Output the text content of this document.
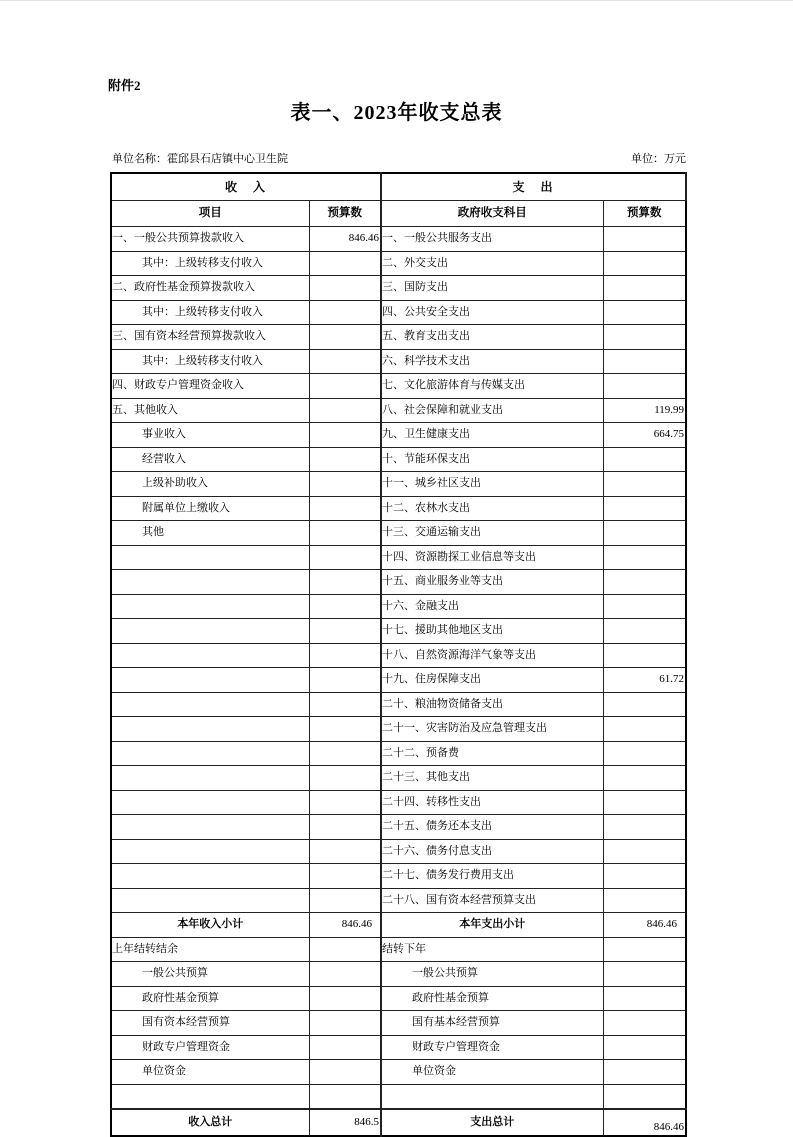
附件2
表一、2023年收支总表
单位名称：霍邱县石店镇中心卫生院	单位：万元
收　入		支　出	
项目	预算数	政府收支科目	预算数
一、一般公共预算拨款收入	846.46	一、一般公共服务支出	
其中：上级转移支付收入		二、外交支出	
二、政府性基金预算拨款收入		三、国防支出	
其中：上级转移支付收入		四、公共安全支出	
三、国有资本经营预算拨款收入		五、教育支出支出	
其中：上级转移支付收入		六、科学技术支出	
四、财政专户管理资金收入		七、文化旅游体育与传媒支出	
五、其他收入		八、社会保障和就业支出	119.99
事业收入		九、卫生健康支出	664.75
经营收入		十、节能环保支出	
上级补助收入		十一、城乡社区支出	
附属单位上缴收入		十二、农林水支出	
其他		十三、交通运输支出	
		十四、资源勘探工业信息等支出	
		十五、商业服务业等支出	
		十六、金融支出	
		十七、援助其他地区支出	
		十八、自然资源海洋气象等支出	
		十九、住房保障支出	61.72
		二十、粮油物资储备支出	
		二十一、灾害防治及应急管理支出	
		二十二、预备费	
		二十三、其他支出	
		二十四、转移性支出	
		二十五、债务还本支出	
		二十六、债务付息支出	
		二十七、债务发行费用支出	
		二十八、国有资本经营预算支出	
本年收入小计	846.46	本年支出小计	846.46
上年结转结余		结转下年	
一般公共预算		一般公共预算	
政府性基金预算		政府性基金预算	
国有资本经营预算		国有基本经营预算	
财政专户管理资金		财政专户管理资金	
单位资金		单位资金	

收入总计	846.5	支出总计	846.46
